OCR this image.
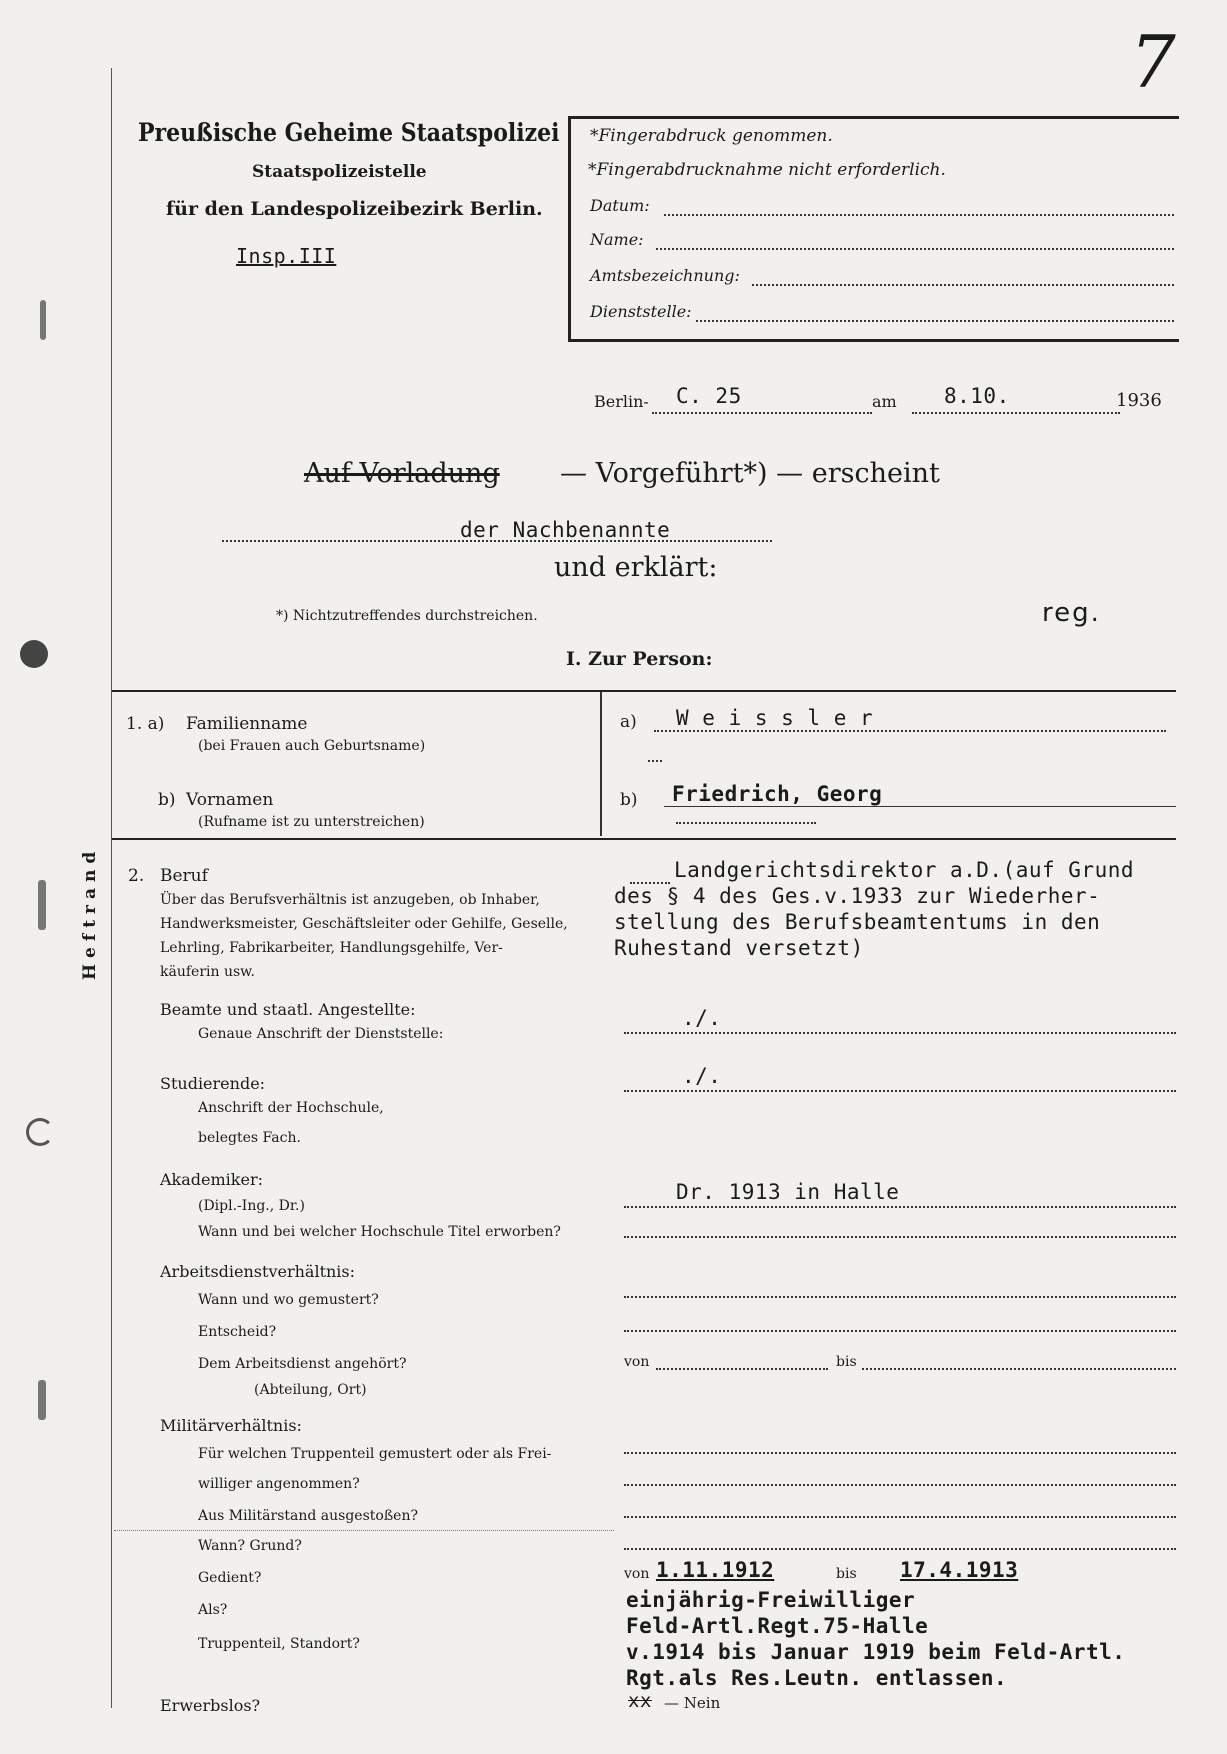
Heftrand
7
Preußische Geheime Staatspolizei
Staatspolizeistelle
für den Landespolizeibezirk Berlin.
Insp.III
*Fingerabdruck genommen.
*Fingerabdrucknahme nicht erforderlich.
Datum:
Name:
Amtsbezeichnung:
Dienststelle:
Berlin- C. 25	am 8.10.	1936
Auf Vorladung — Vorgeführt*) — erscheint
der Nachbenannte
und erklärt:
*) Nichtzutreffendes durchstreichen.	reg.
I. Zur Person:
1. a) Familienname
(bei Frauen auch Geburtsname)
a) W e i s s l e r
b) Vornamen
(Rufname ist zu unterstreichen)
b) Friedrich, Georg
2. Beruf
Über das Berufsverhältnis ist anzugeben, ob Inhaber,
Handwerksmeister, Geschäftsleiter oder Gehilfe, Geselle,
Lehrling, Fabrikarbeiter, Handlungsgehilfe, Ver-
käuferin usw.
Landgerichtsdirektor a.D.(auf Grund
des § 4 des Ges.v.1933 zur Wiederher-
stellung des Berufsbeamtentums in den
Ruhestand versetzt)
Beamte und staatl. Angestellte:
Genaue Anschrift der Dienststelle:
./.
Studierende:
Anschrift der Hochschule,
belegtes Fach.
./.
Akademiker:
(Dipl.-Ing., Dr.)
Wann und bei welcher Hochschule Titel erworben?
Dr. 1913 in Halle
Arbeitsdienstverhältnis:
Wann und wo gemustert?
Entscheid?
Dem Arbeitsdienst angehört?
(Abteilung, Ort)
von	bis
Militärverhältnis:
Für welchen Truppenteil gemustert oder als Frei-
williger angenommen?
Aus Militärstand ausgestoßen?
Wann? Grund?
Gedient?
Als?
Truppenteil, Standort?
von 1.11.1912	bis 17.4.1913
einjährig-Freiwilliger
Feld-Artl.Regt.75-Halle
v.1914 bis Januar 1919 beim Feld-Artl.
Rgt.als Res.Leutn. entlassen.
Erwerbslos?	xx — Nein
